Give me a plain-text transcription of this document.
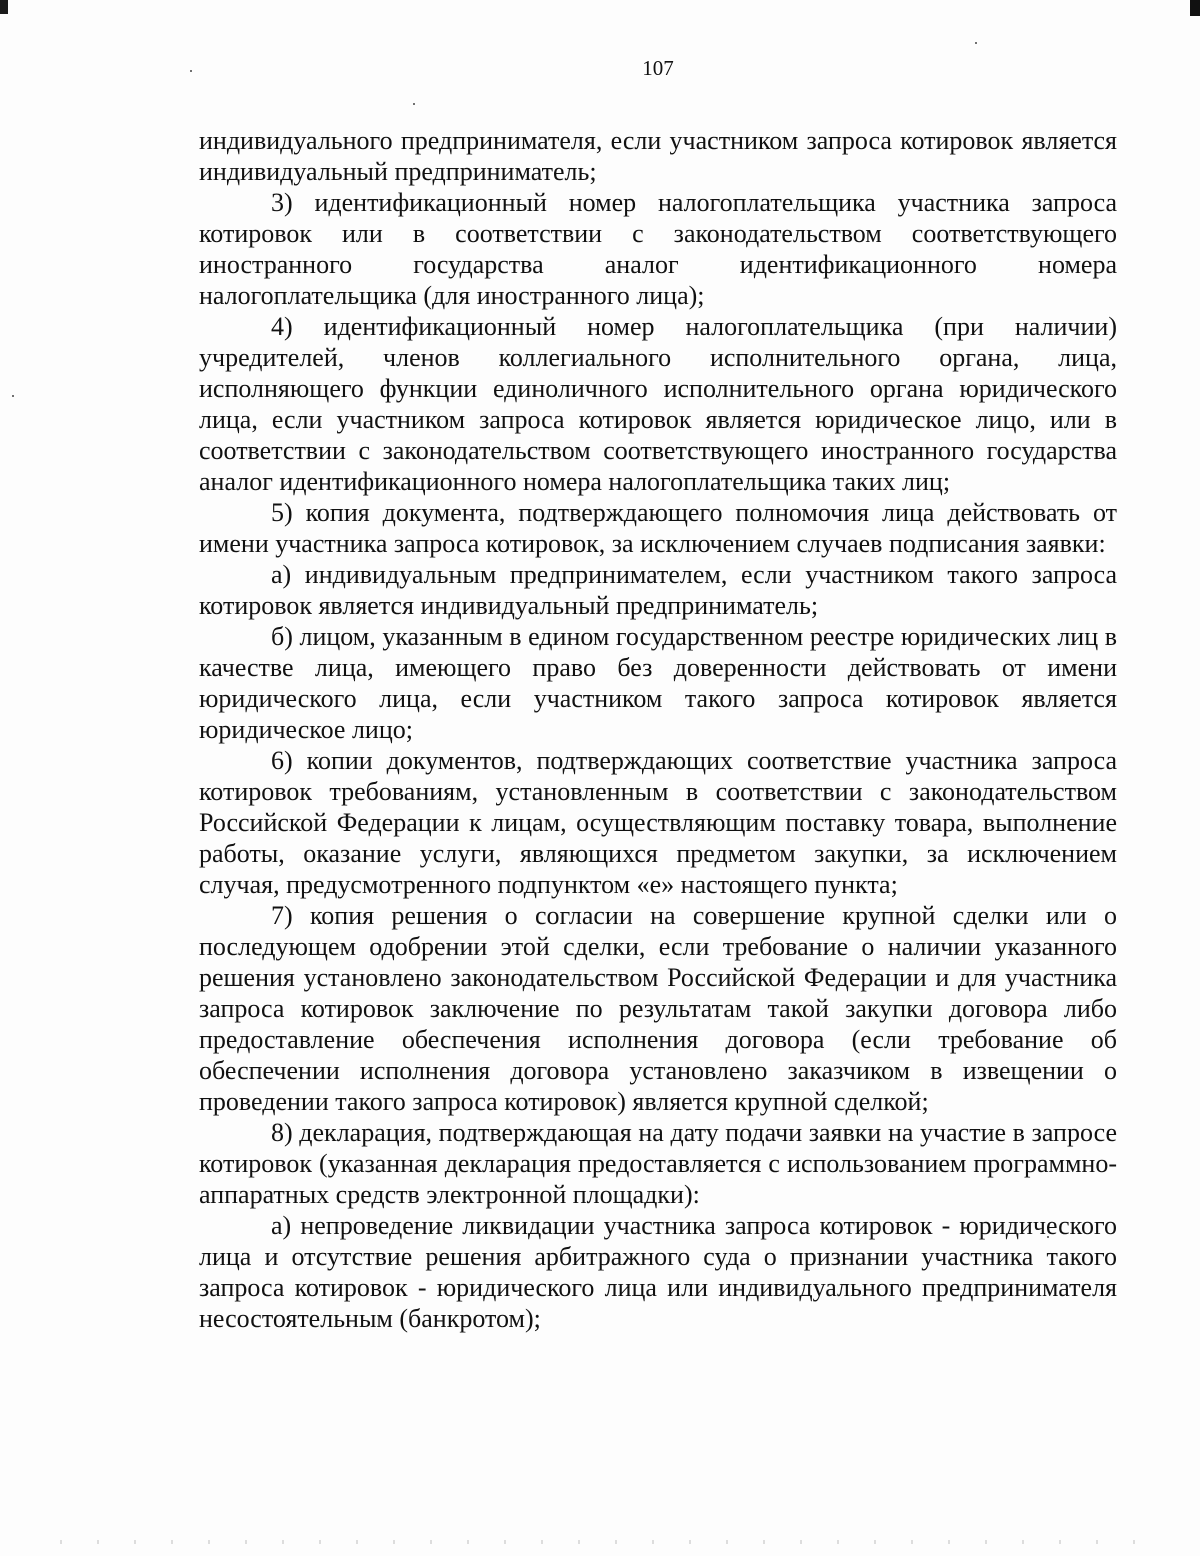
107

индивидуального предпринимателя, если участником запроса котировок является индивидуальный предприниматель;

3) идентификационный номер налогоплательщика участника запроса котировок или в соответствии с законодательством соответствующего иностранного государства аналог идентификационного номера налогоплательщика (для иностранного лица);

4) идентификационный номер налогоплательщика (при наличии) учредителей, членов коллегиального исполнительного органа, лица, исполняющего функции единоличного исполнительного органа юридического лица, если участником запроса котировок является юридическое лицо, или в соответствии с законодательством соответствующего иностранного государства аналог идентификационного номера налогоплательщика таких лиц;

5) копия документа, подтверждающего полномочия лица действовать от имени участника запроса котировок, за исключением случаев подписания заявки:

а) индивидуальным предпринимателем, если участником такого запроса котировок является индивидуальный предприниматель;

б) лицом, указанным в едином государственном реестре юридических лиц в качестве лица, имеющего право без доверенности действовать от имени юридического лица, если участником такого запроса котировок является юридическое лицо;

6) копии документов, подтверждающих соответствие участника запроса котировок требованиям, установленным в соответствии с законодательством Российской Федерации к лицам, осуществляющим поставку товара, выполнение работы, оказание услуги, являющихся предметом закупки, за исключением случая, предусмотренного подпунктом «е» настоящего пункта;

7) копия решения о согласии на совершение крупной сделки или о последующем одобрении этой сделки, если требование о наличии указанного решения установлено законодательством Российской Федерации и для участника запроса котировок заключение по результатам такой закупки договора либо предоставление обеспечения исполнения договора (если требование об обеспечении исполнения договора установлено заказчиком в извещении о проведении такого запроса котировок) является крупной сделкой;

8) декларация, подтверждающая на дату подачи заявки на участие в запросе котировок (указанная декларация предоставляется с использованием программно-аппаратных средств электронной площадки):

а) непроведение ликвидации участника запроса котировок - юридического лица и отсутствие решения арбитражного суда о признании участника такого запроса котировок - юридического лица или индивидуального предпринимателя несостоятельным (банкротом);
